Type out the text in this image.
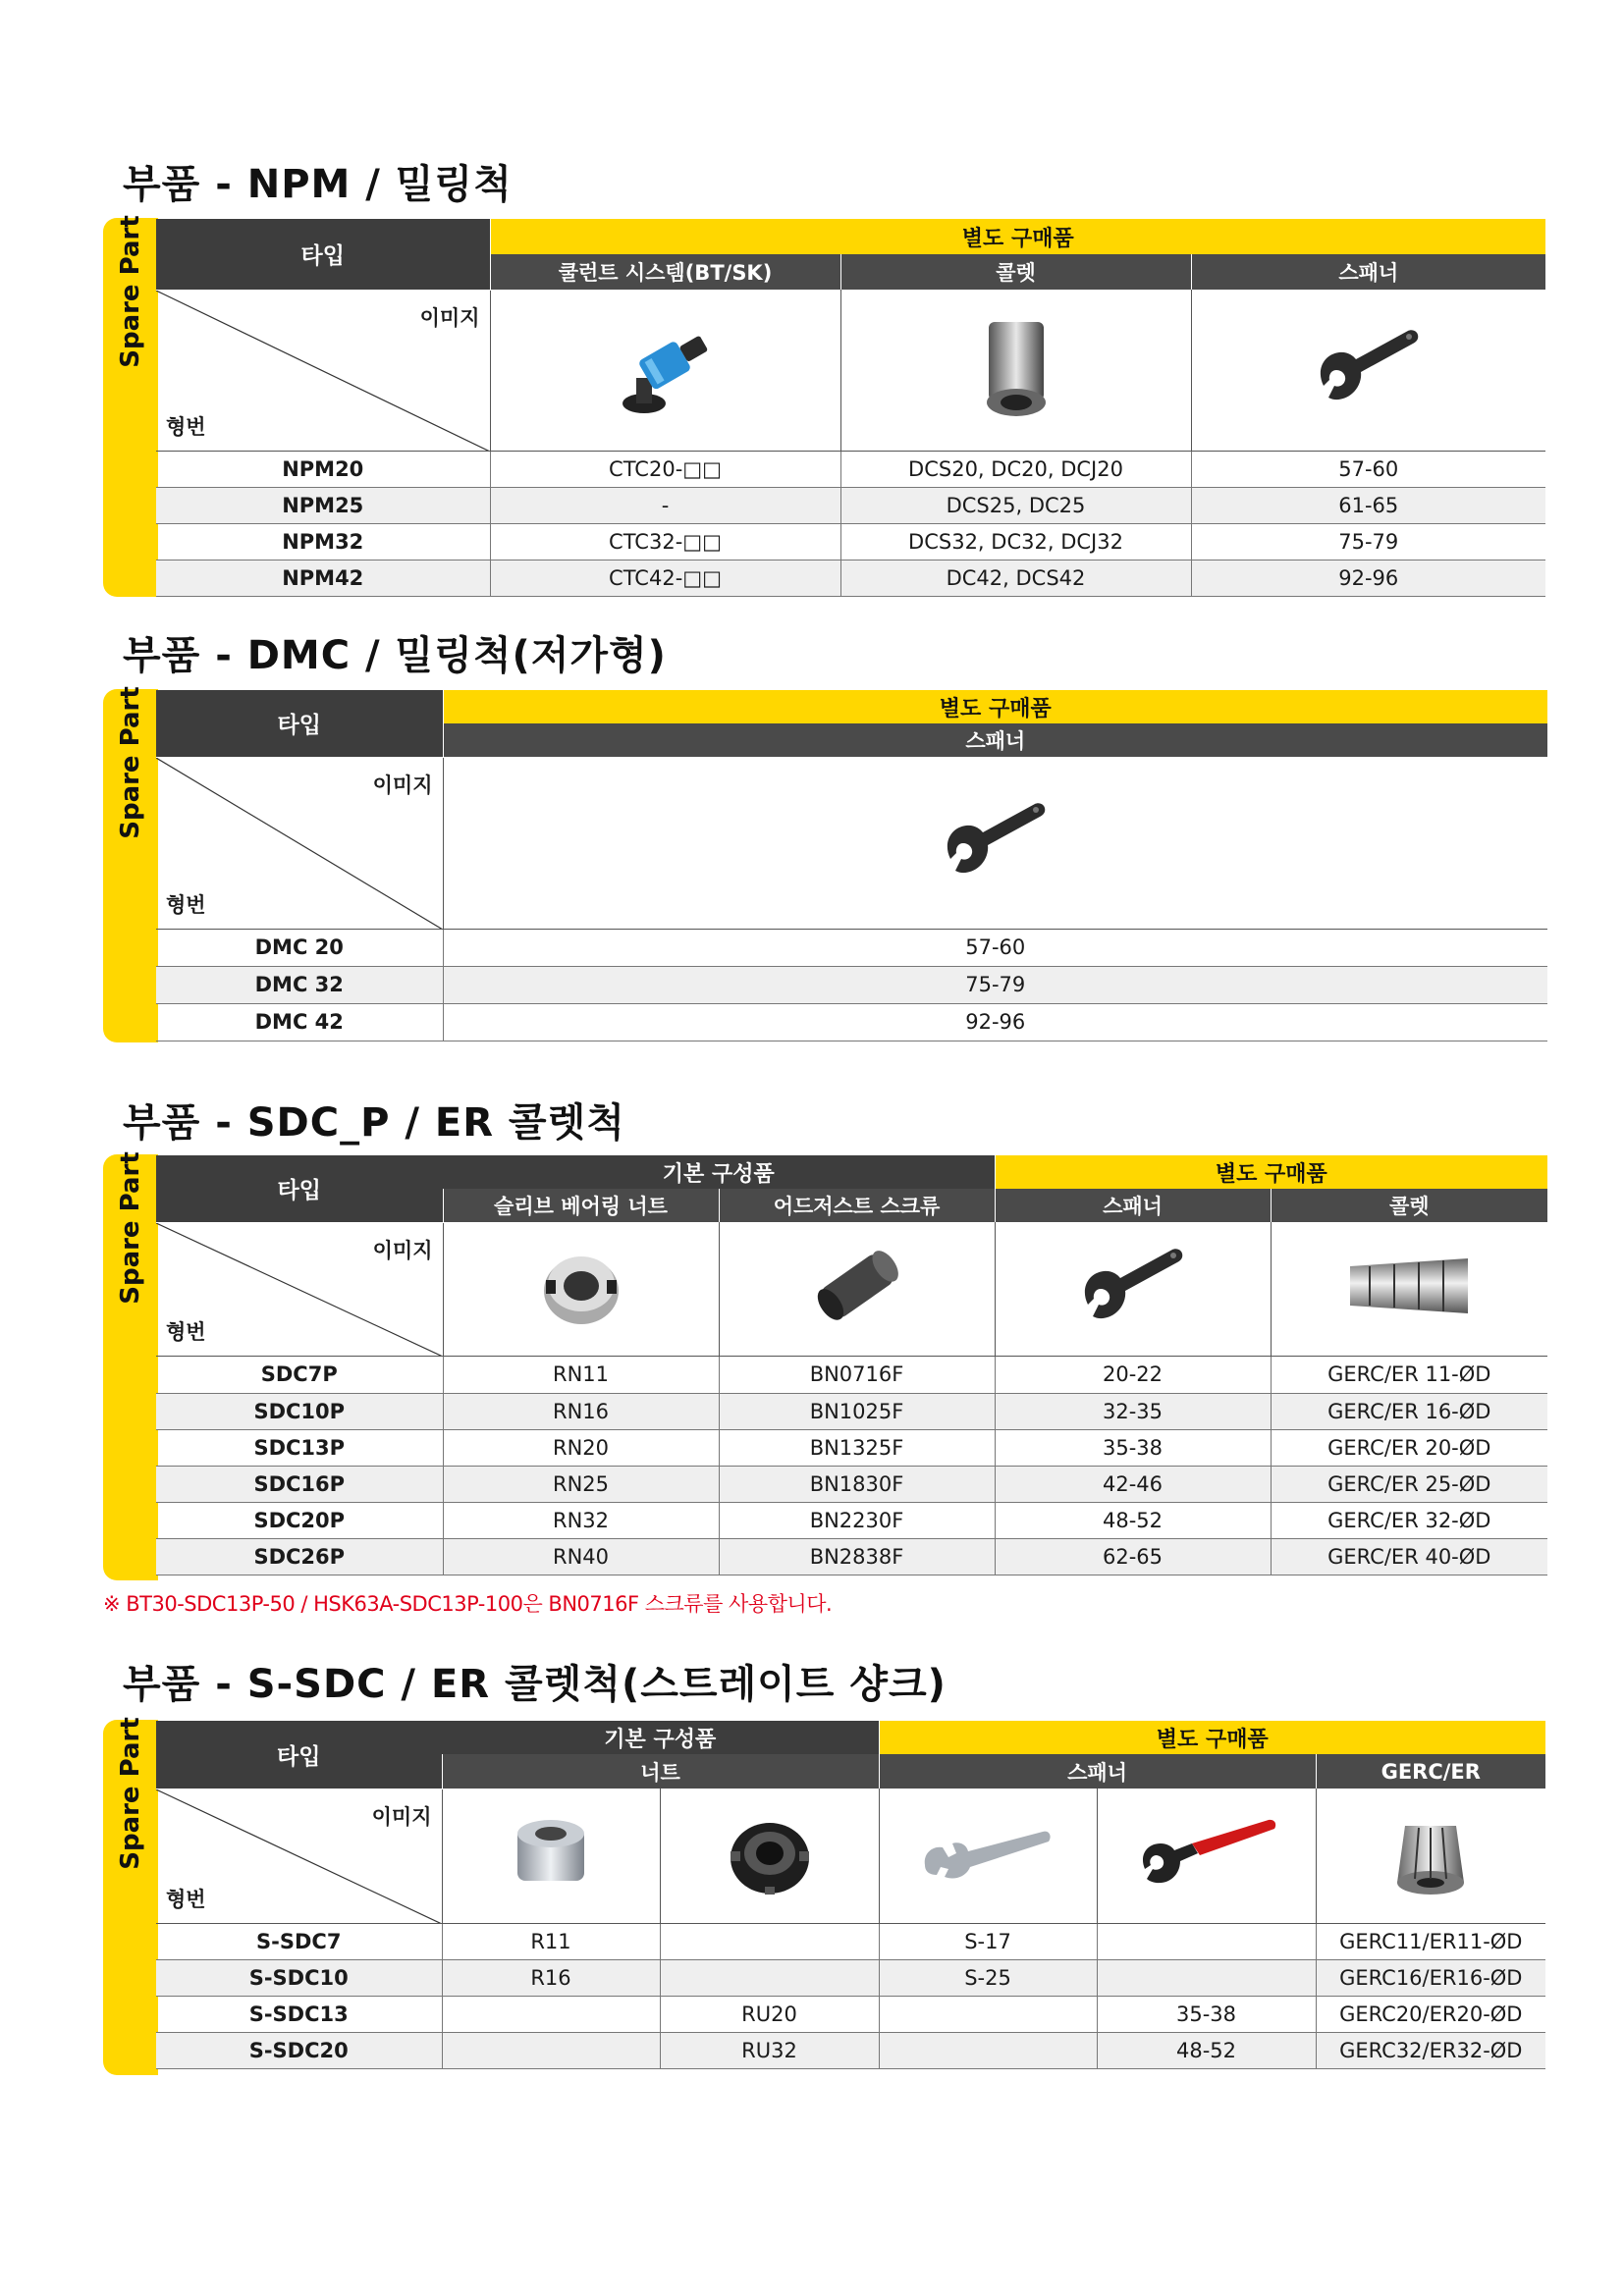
부품 - NPM / 밀링척
Spare Part	타입	별도 구매품		
	쿨런트 시스템(BT/SK)	콜렛	스패너

이미지
형번

NPM20	CTC20-□□	DCS20, DC20, DCJ20	57-60
NPM25	-	DCS25, DC25	61-65
NPM32	CTC32-□□	DCS32, DC32, DCJ32	75-79
NPM42	CTC42-□□	DC42, DCS42	92-96
부품 - DMC / 밀링척(저가형)
Spare Part	타입	별도 구매품
	스패너

이미지
형번

DMC 20	57-60
DMC 32	75-79
DMC 42	92-96
부품 - SDC_P / ER 콜렛척
Spare Part	타입	기본 구성품		별도 구매품	
	슬리브 베어링 너트	어드저스트 스크류	스패너	콜렛

이미지
형번

SDC7P	RN11	BN0716F	20-22	GERC/ER 11-ØD
SDC10P	RN16	BN1025F	32-35	GERC/ER 16-ØD
SDC13P	RN20	BN1325F	35-38	GERC/ER 20-ØD
SDC16P	RN25	BN1830F	42-46	GERC/ER 25-ØD
SDC20P	RN32	BN2230F	48-52	GERC/ER 32-ØD
SDC26P	RN40	BN2838F	62-65	GERC/ER 40-ØD
※ BT30-SDC13P-50 / HSK63A-SDC13P-100은 BN0716F 스크류를 사용합니다.
부품 - S-SDC / ER 콜렛척(스트레이트 샹크)
Spare Part	타입	기본 구성품		별도 구매품		
	너트		스패너		GERC/ER

이미지
형번

S-SDC7	R11		S-17		GERC11/ER11-ØD
S-SDC10	R16		S-25		GERC16/ER16-ØD
S-SDC13		RU20		35-38	GERC20/ER20-ØD
S-SDC20		RU32		48-52	GERC32/ER32-ØD
